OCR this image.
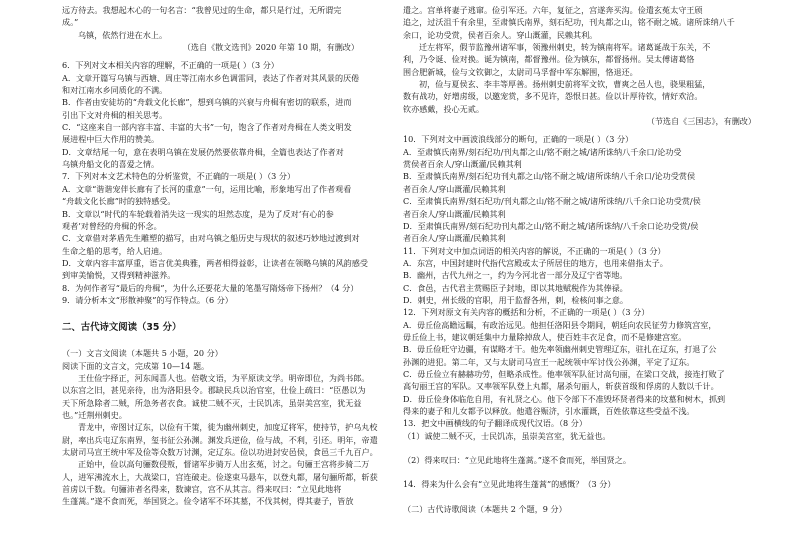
远方待去。我想起木心的一句名言：“我曾见过的生命，都只是行过，无所谓完
成。”
乌镇，依然行进在水上。
（选自《散文选刊》2020 年第 10 期，有删改）
6．下列对文本相关内容的理解，不正确的一项是( ）（3 分）
A．文章开篇写乌镇与西塘、周庄等江南水乡色调雷同，表达了作者对其风景的厌倦
和对江南水乡同质化的不满。
B．作者由安徒坊的“舟载文化长廊”，想到乌镇的兴衰与舟楫有密切的联系，进而
引出下文对舟楫的相关思考。
C．“这座来自一部内容丰富、丰富的大书”一句，饱含了作者对舟楫在人类文明发
展进程中巨大作用的赞美。
D．文章结尾一句，意在表明乌镇在发展仍然要依靠舟楫，全篇也表达了作者对
乌镇舟船文化的喜爱之情。
7．下列对本文艺术特色的分析鉴赏，不正确的一项是( ）（3 分）
A．文章“谐谐宠伴长廊有了长河的重意”一句，运用比喻，形象地写出了作者观看
“舟载文化长廊”时的独特感受。
B．文章以“时代的车轮载着消失这一现实的坦然态度，是为了反对‘有心的参
观者’对曾经的舟楫的怀念。
C．文章借对茅盾先生雕塑的描写，由对乌镇之船历史与现状的叙述巧妙地过渡到对
生命之船的思考，给人启迪。
D．文章内容丰富厚重，语言优美典雅，两者相得益彰，让读者在领略乌镇的风韵感受
到审美愉悦，又得到精神滋养。
8．为何作者写“最后的舟楫”，为什么还要花大量的笔墨写隋炀帝下扬州？（4 分）
9．请分析本文“形散神聚”的写作特点。（6 分）
二、古代诗文阅读（35 分）
（一）文言文阅读（本题共 5 小题，20 分）
阅读下面的文言文，完成第 10—14 题。
王仕俭字择正，河东闻喜人也。倍敬文语，为平原读文学。明帝即位，为尚书郎。
以东宫之旧，甚见亲待，出为洛阳县令。郡缺民兵以治官室，仕俭上疏曰：“臣愚以为
天下所急除者二贼，所急务者衣食。诚使二贼不灭，士民饥冻，虽崇美宫室，犹无益
也。”迁荆州刺史。
青龙中，帝图讨辽东，以俭有干策，徙为幽州刺史，加度辽将军，使持节，护乌丸校
尉，率出兵屯辽东南界，玺书征公孙渊。渊发兵逆俭，俭与战，不利，引还。明年，帝遣
太尉司马宣王统中军及俭等众数万讨渊，定辽东。俭以功进封安邑侯，食邑三千九百户。
正始中，俭以高句骊数侵叛，督诸军步骑万人出玄菟，讨之。句骊王宫将步骑二万
人，进军沸流水上，大战梁口，宫连破走。俭遂束马悬车，以登丸都，屠句骊所都，斩获
首虏以千数。句骊沛者名得来，数谏宫，宫不从其言。得来叹曰：“立见此地将
生蓬蒿。”遂不食而死，举国贤之。俭令诸军不坏其墓，不伐其树，得其妻子，皆放
遣之。宫单将妻子逃窜。俭引军还。六年，复征之，宫遂奔买沟。俭遣玄菟太守王颀
追之，过沃沮千有余里，至肃慎氏南界，刻石纪功，刊丸都之山，铭不耐之城。诸所诛纳八千
余口，论功受赏，侯者百余人。穿山溉灌，民赖其利。
迁左将军，假节监豫州诸军事，领豫州刺史，转为镇南将军。诸葛诞战于东关，不
利，乃令诞、俭对换。诞为镇南，都督豫州。俭为镇东，都督扬州。吴太傅诸葛恪
围合肥新城，俭与文钦御之，太尉司马孚督中军东解围，恪退还。
初，俭与夏侯玄、李丰等厚善。扬州刺史前将军文钦，曹爽之邑人也，骁果粗猛，
数有战功，好增虏级，以邀宠赏，多不见许，怨恨日甚。俭以计厚待钦，情好欢洽。
钦亦感戴，投心无贰。
（节选自《三国志》，有删改）
10．下列对文中画波浪线部分的断句，正确的一项是( ）（3 分）
A．至肃慎氏南界/刻石纪功/刊丸都之山/铭不耐之城/诸所诛纳八千余口/论功受
赏侯者百余人/穿山溉灌/民赖其利
B．至肃慎氏南界/刻石纪功刊丸都之山/铭不耐之城/诸所诛纳八千余口/论功受赏侯
者百余人/穿山溉灌/民赖其利
C．至肃慎氏南界/刻石纪功/刊丸都之山/铭不耐之城/诸所诛纳/八千余口论功受赏/侯
者百余人/穿山溉灌/民赖其利
D．至肃慎氏南界/刻石纪功刊丸都之山/铭不耐之城/诸所诛纳/八千余口论功受赏/侯
者百余人/穿山溉灌/民赖其利
11．下列对文中加点词语的相关内容的解说，不正确的一项是( ）（3 分）
A．东宫，中国封建时代指代宫殿或太子所居住的地方，也用来借指太子。
B．幽州，古代九州之一，约为今河北省一部分及辽宁省等地。
C．食邑，古代君主赏赐臣子封地，即以其地赋税作为其俸禄。
D．刺史，州长级的官职，用于监督各州，刺，检核问事之意。
12．下列对原文有关内容的概括和分析，不正确的一项是( ）（3 分）
A．毋丘俭高瞻远瞩，有政治远见。他担任洛阳县令期间，朝廷向农民征劳力修筑宫室，
毋丘俭上书，建议朝廷集中力量除掉敌人，使百姓丰衣足食，而不是修建宫室。
B．毋丘俭旺守边疆，有谋略才干。他先率领幽州刺史管理辽东，驻扎在辽东，打退了公
孙渊的进犯。第二年，又与太尉司马宣王一起统领中军讨伐公孙渊，平定了辽东。
C．毋丘俭立有赫赫功劳，但略杀成性。他率领军队征讨高句丽，在梁口交战，接连打败了
高句丽王宫的军队。又率领军队登上丸都，屠杀句丽人，斩获首级和俘虏的人数以千计。
D．毋丘俭身体临危自用，有礼贤之心。他下令部下不准毁坏贤者得来的坟墓和树木，抓到
得来的妻子和儿女都予以释放。他遣谷赈济，引水灌溉，百姓依靠这些受益不浅。
13．把文中画横线的句子翻译成现代汉语。（8 分）
（1）诚使二贼不灭，士民饥冻，虽崇美宫室，犹无益也。
（2）得来叹曰：“立见此地将生蓬蒿。”遂不食而死，举国贤之。
14．得来为什么会有“立见此地将生蓬蒿”的感慨？（3 分）
（二）古代诗歌阅读（本题共 2 个题，9 分）
